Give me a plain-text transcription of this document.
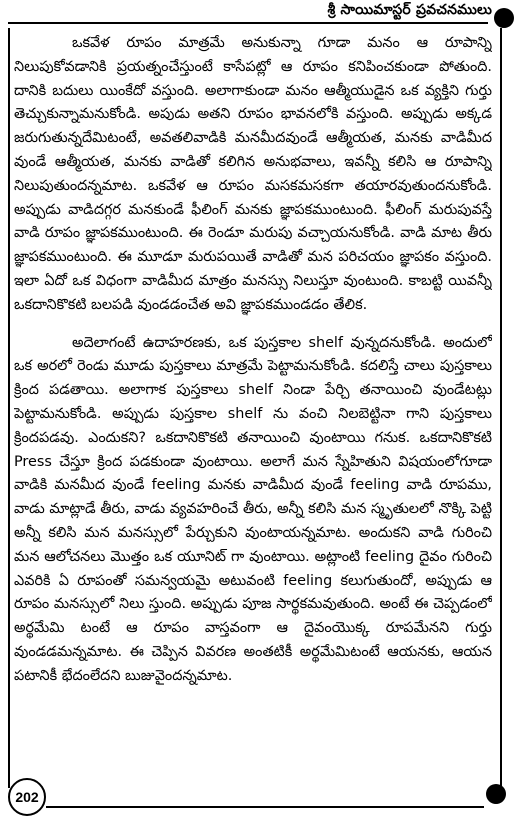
శ్రీ సాయిమాస్టర్ ప్రవచనములు

ఒకవేళ రూపం మాత్రమే అనుకున్నా గూడా మనం ఆ రూపాన్ని నిలుపుకోవడానికి ప్రయత్నంచేస్తుంటే కాసేపట్లో ఆ రూపం కనిపించకుండా పోతుంది. దానికి బదులు యింకేదో వస్తుంది. అలాగాకుండా మనం ఆత్మీయుడైన ఒక వ్యక్తిని గుర్తు తెచ్చుకున్నామనుకోండి. అపుడు అతని రూపం భావనలోకి వస్తుంది. అప్పుడు అక్కడ జరుగుతున్నదేమిటంటే, అవతలివాడికి మనమీదవుండే ఆత్మీయత, మనకు వాడిమీద వుండే ఆత్మీయత, మనకు వాడితో కలిగిన అనుభవాలు, ఇవన్నీ కలిసి ఆ రూపాన్ని నిలుపుతుందన్నమాట. ఒకవేళ ఆ రూపం మసకమసకగా తయారవుతుందనుకోండి. అప్పుడు వాడిదగ్గర మనకుండే ఫీలింగ్ మనకు జ్ఞాపకముంటుంది. ఫీలింగ్ మరుపువస్తే వాడి రూపం జ్ఞాపకముంటుంది. ఈ రెండూ మరుపు వచ్చాయనుకోండి. వాడి మాట తీరు జ్ఞాపకముంటుంది. ఈ మూడూ మరుపయితే వాడితో మన పరిచయం జ్ఞాపకం వస్తుంది. ఇలా ఏదో ఒక విధంగా వాడిమీద మాత్రం మనస్సు నిలుస్తూ వుంటుంది. కాబట్టి యివన్నీ ఒకదానికొకటి బలపడి వుండడంచేత అవి జ్ఞాపకముండడం తేలిక.

అదెలాగంటే ఉదాహరణకు, ఒక పుస్తకాల shelf వున్నదనుకోండి. అందులో ఒక అరలో రెండు మూడు పుస్తకాలు మాత్రమే పెట్టామనుకోండి. కదలిస్తే చాలు పుస్తకాలు క్రింద పడతాయి. అలాగాక పుస్తకాలు shelf నిండా పేర్చి తనాయించి వుండేటట్లు పెట్టామనుకోండి. అప్పుడు పుస్తకాల shelf ను వంచి నిలబెట్టినా గాని పుస్తకాలు క్రిందపడవు. ఎందుకని? ఒకదానికొకటి తనాయించి వుంటాయి గనుక. ఒకదానికొకటి Press చేస్తూ క్రింద పడకుండా వుంటాయి. అలాగే మన స్నేహితుని విషయంలోగూడా వాడికి మనమీద వుండే feeling మనకు వాడిమీద వుండే feeling వాడి రూపము, వాడు మాట్లాడే తీరు, వాడు వ్యవహరించే తీరు, అన్నీ కలిసి మన స్మృతులలో నొక్కి పెట్టి అన్నీ కలిసి మన మనస్సులో పేర్చుకుని వుంటాయన్నమాట. అందుకని వాడి గురించి మన ఆలోచనలు మొత్తం ఒక యూనిట్ గా వుంటాయి. అట్లాంటి feeling దైవం గురించి ఎవరికి ఏ రూపంతో సమన్వయమై అటువంటి feeling కలుగుతుందో, అప్పుడు ఆ రూపం మనస్సులో నిలు స్తుంది. అప్పుడు పూజ సార్థకమవుతుంది. అంటే ఈ చెప్పడంలో అర్థమేమి టంటే ఆ రూపం వాస్తవంగా ఆ దైవంయొక్క రూపమేనని గుర్తు వుండడమన్నమాట. ఈ చెప్పిన వివరణ అంతటికీ అర్థమేమిటంటే ఆయనకు, ఆయన పటానికీ భేదంలేదని బుజువైందన్నమాట.

202
